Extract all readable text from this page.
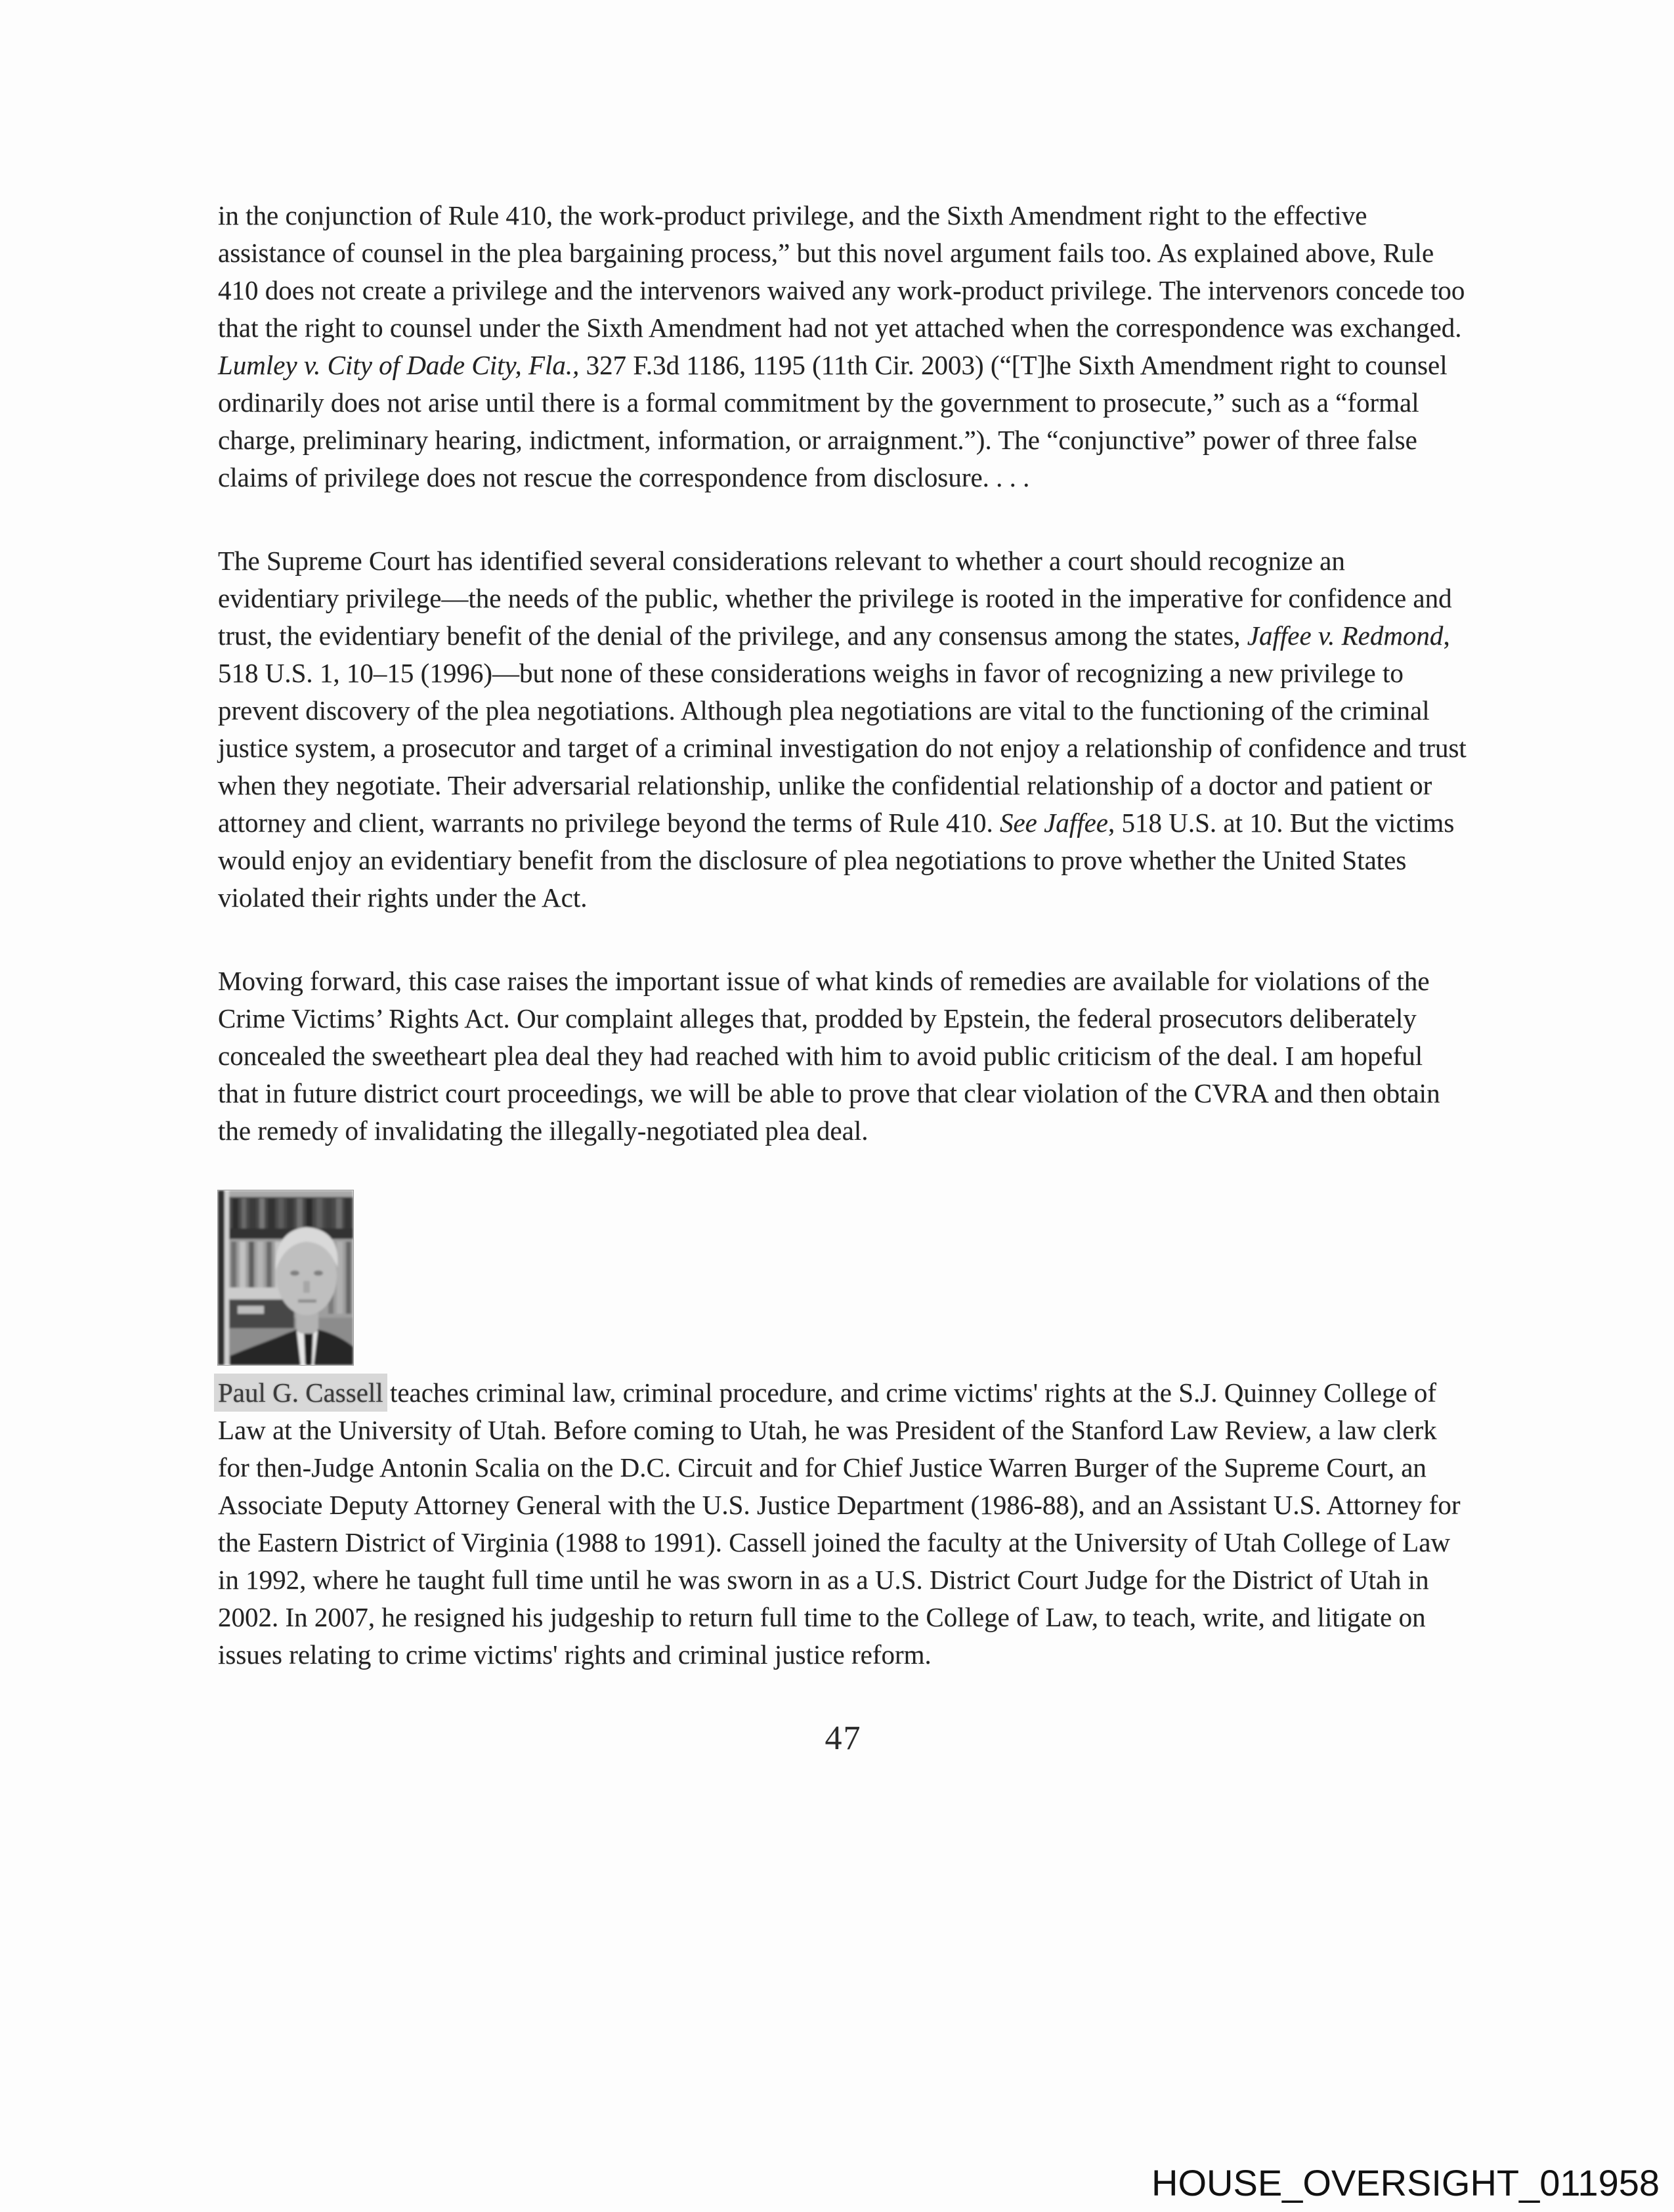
in the conjunction of Rule 410, the work-product privilege, and the Sixth Amendment right to the effective assistance of counsel in the plea bargaining process,” but this novel argument fails too. As explained above, Rule 410 does not create a privilege and the intervenors waived any work-product privilege. The intervenors concede too that the right to counsel under the Sixth Amendment had not yet attached when the correspondence was exchanged. Lumley v. City of Dade City, Fla., 327 F.3d 1186, 1195 (11th Cir. 2003) (“[T]he Sixth Amendment right to counsel ordinarily does not arise until there is a formal commitment by the government to prosecute,” such as a “formal charge, preliminary hearing, indictment, information, or arraignment.”). The “conjunctive” power of three false claims of privilege does not rescue the correspondence from disclosure. . . .

The Supreme Court has identified several considerations relevant to whether a court should recognize an evidentiary privilege—the needs of the public, whether the privilege is rooted in the imperative for confidence and trust, the evidentiary benefit of the denial of the privilege, and any consensus among the states, Jaffee v. Redmond, 518 U.S. 1, 10–15 (1996)—but none of these considerations weighs in favor of recognizing a new privilege to prevent discovery of the plea negotiations. Although plea negotiations are vital to the functioning of the criminal justice system, a prosecutor and target of a criminal investigation do not enjoy a relationship of confidence and trust when they negotiate. Their adversarial relationship, unlike the confidential relationship of a doctor and patient or attorney and client, warrants no privilege beyond the terms of Rule 410. See Jaffee, 518 U.S. at 10. But the victims would enjoy an evidentiary benefit from the disclosure of plea negotiations to prove whether the United States violated their rights under the Act.

Moving forward, this case raises the important issue of what kinds of remedies are available for violations of the Crime Victims’ Rights Act. Our complaint alleges that, prodded by Epstein, the federal prosecutors deliberately concealed the sweetheart plea deal they had reached with him to avoid public criticism of the deal. I am hopeful that in future district court proceedings, we will be able to prove that clear violation of the CVRA and then obtain the remedy of invalidating the illegally-negotiated plea deal.

Paul G. Cassell teaches criminal law, criminal procedure, and crime victims' rights at the S.J. Quinney College of Law at the University of Utah. Before coming to Utah, he was President of the Stanford Law Review, a law clerk for then-Judge Antonin Scalia on the D.C. Circuit and for Chief Justice Warren Burger of the Supreme Court, an Associate Deputy Attorney General with the U.S. Justice Department (1986-88), and an Assistant U.S. Attorney for the Eastern District of Virginia (1988 to 1991). Cassell joined the faculty at the University of Utah College of Law in 1992, where he taught full time until he was sworn in as a U.S. District Court Judge for the District of Utah in 2002. In 2007, he resigned his judgeship to return full time to the College of Law, to teach, write, and litigate on issues relating to crime victims' rights and criminal justice reform.

47
HOUSE_OVERSIGHT_011958
